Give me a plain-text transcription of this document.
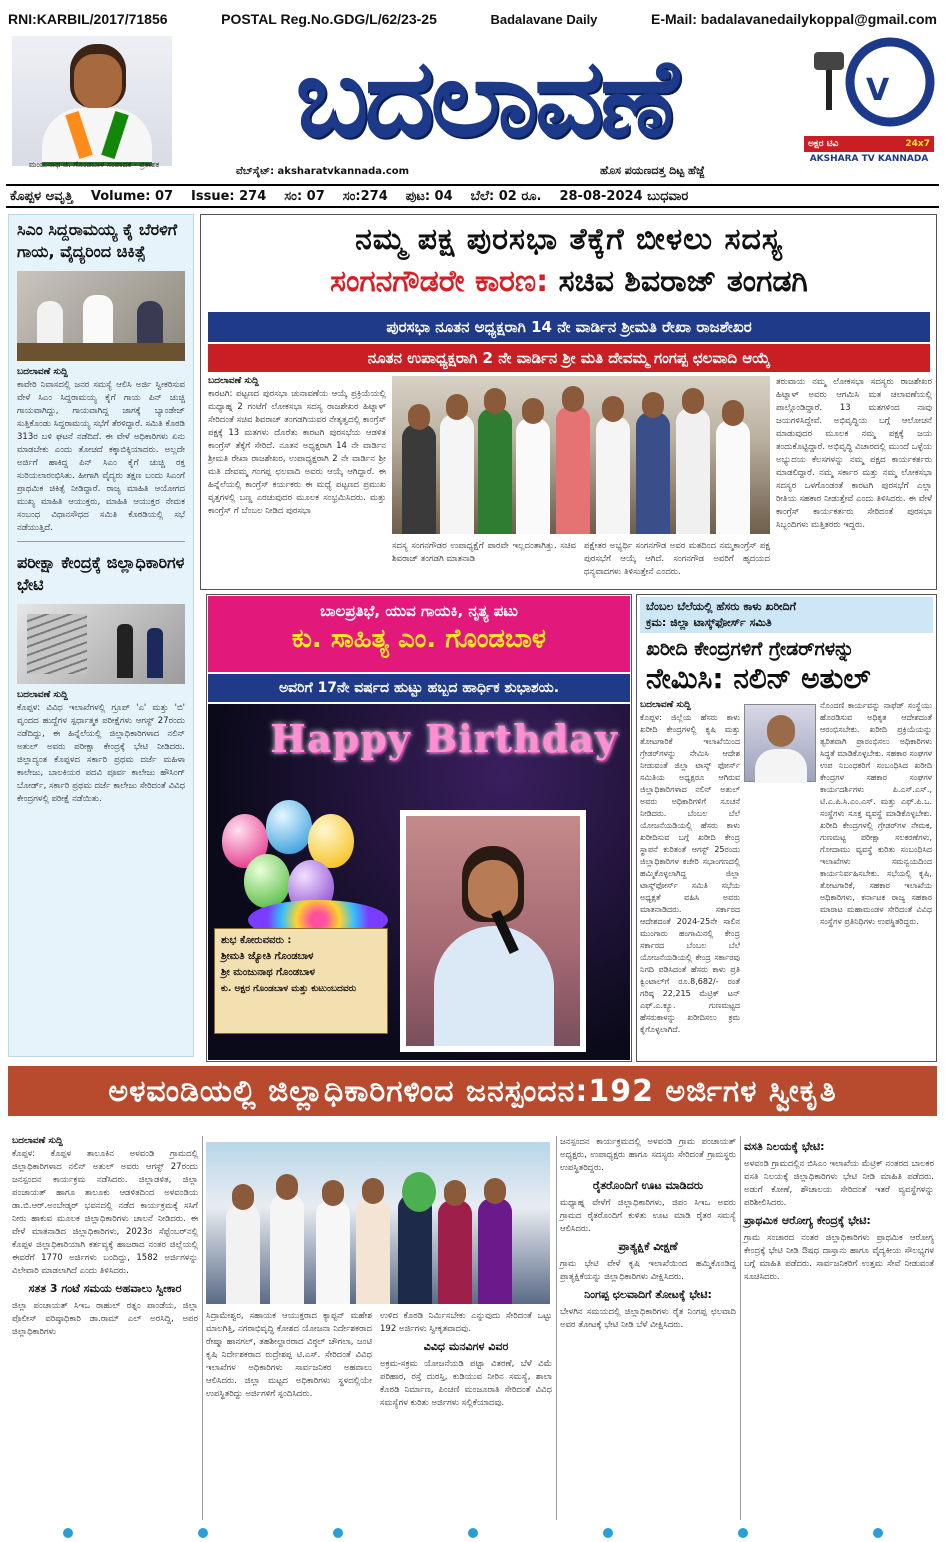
RNI:KARBIL/2017/71856	POSTAL Reg.No.GDG/L/62/23-25	Badalavane Daily	E-Mail: badalavanedailykoppal@gmail.com
ಮಂಜುನಾಥ ಜಿ. ಗೊಂಡಬಾಳ ಸಂಪಾದಕ - ಪ್ರಕಾಶಕ
ಬದಲಾವಣೆ
ವೆಬ್‌ಸೈಟ್: aksharatvkannada.com	ಹೊಸ ಪಯಣದತ್ತ ದಿಟ್ಟ ಹೆಜ್ಜೆ
V
ಅಕ್ಷರ ಟಿವಿ	24x7
AKSHARA TV KANNADA
ಕೊಪ್ಪಳ ಆವೃತ್ತಿ Volume: 07 Issue: 274 ಸಂ: 07 ಸಂ:274 ಪುಟ: 04 ಬೆಲೆ: 02 ರೂ. 28-08-2024 ಬುಧವಾರ
ಸಿಎಂ ಸಿದ್ದರಾಮಯ್ಯ ಕೈ ಬೆರಳಿಗೆ ಗಾಯ, ವೈದ್ಯರಿಂದ ಚಿಕಿತ್ಸೆ
ಬದಲಾವಣೆ ಸುದ್ದಿ
ಕಾವೇರಿ ನಿವಾಸದಲ್ಲಿ ಜನರ ಸಮಸ್ಯೆ ಆಲಿಸಿ ಅರ್ಜಿ ಸ್ವೀಕರಿಸುವ ವೇಳೆ ಸಿಎಂ ಸಿದ್ದರಾಮಯ್ಯ ಕೈಗೆ ಗಾಯ ಪಿನ್ ಚುಚ್ಚಿ ಗಾಯವಾಗಿದ್ದು, ಗಾಯವಾಗಿದ್ದ ಜಾಗಕ್ಕೆ ಬ್ಯಾಂಡೇಜ್ ಸುತ್ತಿಕೊಂಡು ಸಿದ್ದರಾಮಯ್ಯ ಸಭೆಗೆ ತೆರಳಿದ್ದಾರೆ. ಸಮಿತಿ ಕೊಠಡಿ 313ರ ಬಳಿ ಘಟನೆ ನಡೆದಿದೆ. ಈ ವೇಳೆ ಅಧಿಕಾರಿಗಳು ಏನು ಮಾಡಬೇಕು ಎಂದು ತೋಚದೆ ಕಕ್ಕಾಬಿಕ್ಕಿಯಾದರು. ಅಲ್ಲದೇ ಅರ್ಜಿಗೆ ಹಾಕಿದ್ದ ಪಿನ್ ಸಿಎಂ ಕೈಗೆ ಚುಚ್ಚಿ ರಕ್ತ ಸುರಿಯಲಾರಂಭಿಸಿತು. ಹೀಗಾಗಿ ವೈದ್ಯರು ತಕ್ಷಣ ಬಂದು ಸಿಎಂಗೆ ಪ್ರಾಥಮಿಕ ಚಿಕಿತ್ಸೆ ನೀಡಿದ್ದಾರೆ. ರಾಜ್ಯ ಮಾಹಿತಿ ಆಯೋಗದ ಮುಖ್ಯ ಮಾಹಿತಿ ಆಯುಕ್ತರು, ಮಾಹಿತಿ ಆಯುಕ್ತರ ನೇಮಕ ಸಂಬಂಧ ವಿಧಾನಸೌಧದ ಸಮಿತಿ ಕೊಠಡಿಯಲ್ಲಿ ಸಭೆ ನಡೆಯುತ್ತಿದೆ.
ಪರೀಕ್ಷಾ ಕೇಂದ್ರಕ್ಕೆ ಜಿಲ್ಲಾಧಿಕಾರಿಗಳ ಭೇಟಿ
ಬದಲಾವಣೆ ಸುದ್ದಿ
ಕೊಪ್ಪಳ: ವಿವಿಧ ಇಲಾಖೆಗಳಲ್ಲಿ ಗ್ರೂಪ್ 'ಎ' ಮತ್ತು 'ಬಿ' ವೃಂದದ ಹುದ್ದೆಗಳ ಸ್ಪರ್ಧಾತ್ಮಕ ಪರೀಕ್ಷೆಗಳು ಆಗಸ್ಟ್ 27ರಂದು ನಡೆದಿದ್ದು, ಈ ಹಿನ್ನೆಲೆಯಲ್ಲಿ ಜಿಲ್ಲಾಧಿಕಾರಿಗಳಾದ ನಲಿನ್ ಅತುಲ್ ಅವರು ಪರೀಕ್ಷಾ ಕೇಂದ್ರಕ್ಕೆ ಭೇಟಿ ನೀಡಿದರು. ಜಿಲ್ಲಾದ್ಯಂತ ಕೊಪ್ಪಳದ ಸರ್ಕಾರಿ ಪ್ರಥಮ ದರ್ಜೆ ಮಹಿಳಾ ಕಾಲೇಜು, ಬಾಲಕಿಯರ ಪದವಿ ಪೂರ್ವ ಕಾಲೇಜು ಹೌಸಿಂಗ್ ಬೋರ್ಡ್, ಸರ್ಕಾರಿ ಪ್ರಥಮ ದರ್ಜೆ ಕಾಲೇಜು ಸೇರಿದಂತೆ ವಿವಿಧ ಕೇಂದ್ರಗಳಲ್ಲಿ ಪರೀಕ್ಷೆ ನಡೆಯಿತು.
ನಮ್ಮ ಪಕ್ಷ ಪುರಸಭಾ ತೆಕ್ಕೆಗೆ ಬೀಳಲು ಸದಸ್ಯ
ಸಂಗನಗೌಡರೇ ಕಾರಣ: ಸಚಿವ ಶಿವರಾಜ್ ತಂಗಡಗಿ
ಪುರಸಭಾ ನೂತನ ಅಧ್ಯಕ್ಷರಾಗಿ 14 ನೇ ವಾರ್ಡಿನ ಶ್ರೀಮತಿ ರೇಖಾ ರಾಜಶೇಖರ
ನೂತನ ಉಪಾಧ್ಯಕ್ಷರಾಗಿ 2 ನೇ ವಾರ್ಡಿನ ಶ್ರೀ ಮತಿ ದೇವಮ್ಮ ಗಂಗಪ್ಪ ಛಲವಾದಿ ಆಯ್ಕೆ
ಬದಲಾವಣೆ ಸುದ್ದಿ
ಕಾರಟಗಿ: ಪಟ್ಟಣದ ಪುರಸಭಾ ಚುನಾವಣೆಯ ಆಯ್ಕೆ ಪ್ರಕ್ರಿಯೆಯಲ್ಲಿ ಮಧ್ಯಾಹ್ನ 2 ಗಂಟೆಗೆ ಲೋಕಸಭಾ ಸದಸ್ಯ ರಾಜಶೇಖರ ಹಿಟ್ನಾಳ್ ಸೇರಿದಂತೆ ಸಚಿವ ಶಿವರಾಜ್ ತಂಗಡಗಿಯವರ ನೇತೃತ್ವದಲ್ಲಿ ಕಾಂಗ್ರೆಸ್ ಪಕ್ಷಕ್ಕೆ 13 ಮತಗಳು ದೊರೆತು ಕಾರಟಗಿ ಪುರಸಭೆಯ ಆಡಳಿತ ಕಾಂಗ್ರೆಸ್ ತೆಕ್ಕೆಗೆ ಸೇರಿದೆ. ನೂತನ ಅಧ್ಯಕ್ಷರಾಗಿ 14 ನೇ ವಾರ್ಡಿನ ಶ್ರೀಮತಿ ರೇಖಾ ರಾಜಶೇಖರ, ಉಪಾಧ್ಯಕ್ಷರಾಗಿ 2 ನೇ ವಾರ್ಡಿನ ಶ್ರೀ ಮತಿ ದೇವಮ್ಮ ಗಂಗಪ್ಪ ಛಲವಾದಿ ಅವರು ಆಯ್ಕೆ ಆಗಿದ್ದಾರೆ. ಈ ಹಿನ್ನೆಲೆಯಲ್ಲಿ ಕಾಂಗ್ರೆಸ್ ಕರ್ಯಕರು ಈ ಮಧ್ಯೆ ಪಟ್ಟಣದ ಪ್ರಮುಖ ವೃತ್ತಗಳಲ್ಲಿ ಬಣ್ಣ ಎರಚುವುದರ ಮೂಲಕ ಸಂಭ್ರಮಿಸಿದರು. ಮತ್ತು ಕಾಂಗ್ರೆಸ್ ಗೆ ಬೆಂಬಲ ನೀಡಿದ ಪುರಸಭಾ
ಸದಸ್ಯ ಸಂಗನಗೌಡರ ಉಪಾಧ್ಯಕ್ಷೆಗೆ ಪಾರವೇ ಇಲ್ಲದಂತಾಗಿತ್ತು. ಸಚಿವ ಶಿವರಾಜ್ ತಂಗಡಗಿ ಮಾತನಾಡಿ
ಪಕ್ಷೇತರ ಅಭ್ಯರ್ಥಿ ಸಂಗನಗೌಡ ಅವರ ಮತದಿಂದ ನಮ್ಮಕಾಂಗ್ರೆಸ್ ಪಕ್ಷ ಪುರಸಭೆಗೆ ಆಯ್ಕೆ ಆಗಿದೆ. ಸಂಗನಗೌಡ ಅವರಿಗೆ ಹೃದಯದ ಧನ್ಯವಾದಗಳು ತಿಳಿಸುತ್ತೇನೆ ಎಂದರು.
ತರುವಾಯ ನಮ್ಮ ಲೋಕಸಭಾ ಸದಸ್ಯರು ರಾಜಶೇಖರ ಹಿಟ್ನಾಳ್ ಅವರು ಆಗಮಿಸಿ ಮತ ಚಲಾವಣೆಯಲ್ಲಿ ಪಾಲ್ಗೊಂಡಿದ್ದಾರೆ. 13 ಮತಗಳಿಂದ ನಾವು ಜಯಗಳಿಸಿದ್ದೇವೆ. ಅಭಿವೃದ್ಧಿಯ ಬಗ್ಗೆ ಆಲೋಚನೆ ಮಾಡುವುದರ ಮೂಲಕ ನಮ್ಮ ಪಕ್ಷಕ್ಕೆ ಜಯ ತಂದುಕೊಟ್ಟಿದ್ದಾರೆ. ಅಭಿವೃದ್ಧಿ ವಿಚಾರದಲ್ಲಿ ಮುಂದೆ ಒಳ್ಳೆಯ ಅಭ್ಯುದಯ ಕೆಲಸಗಳನ್ನು ನಮ್ಮ ಪಕ್ಷದ ಕಾರ್ಯಕರ್ತರು ಮಾಡಲಿದ್ದಾರೆ. ನಮ್ಮ ಸರ್ಕಾರ ಮತ್ತು ನಮ್ಮ ಲೋಕಸಭಾ ಸದಸ್ಯರ ಒಳಗೊಂಡಂತೆ ಕಾರಟಗಿ ಪುರಸಭೆಗೆ ಎಲ್ಲಾ ರೀತಿಯ ಸಹಕಾರ ನೀಡುತ್ತೇವೆ ಎಂದು ತಿಳಿಸಿದರು. ಈ ವೇಳೆ ಕಾಂಗ್ರೆಸ್ ಕಾರ್ಯಕರ್ತರು ಸೇರಿದಂತೆ ಪುರಸಭಾ ಸಿಬ್ಬಂದಿಗಳು ಮತ್ತಿತರರು ಇದ್ದರು.
ಬಾಲಪ್ರತಿಭೆ, ಯುವ ಗಾಯಕಿ, ನೃತ್ಯ ಪಟು
ಕು. ಸಾಹಿತ್ಯ ಎಂ. ಗೊಂಡಬಾಳ
ಅವರಿಗೆ 17ನೇ ವರ್ಷದ ಹುಟ್ಟು ಹಬ್ಬದ ಹಾರ್ಧಿಕ ಶುಭಾಶಯ.
Happy Birthday
ಶುಭ ಕೋರುವವರು :
ಶ್ರೀಮತಿ ಜ್ಯೋತಿ ಗೊಂಡಬಾಳ
ಶ್ರೀ ಮಂಜುನಾಥ ಗೊಂಡಬಾಳ
ಕು. ಅಕ್ಷರ ಗೊಂಡಬಾಳ ಮತ್ತು ಕುಟುಂಬದವರು
ಬೆಂಬಲ ಬೆಲೆಯಲ್ಲಿ ಹೆಸರು ಕಾಳು ಖರೀದಿಗೆ
ಕ್ರಮ: ಜಿಲ್ಲಾ ಟಾಸ್ಕ್‌ಫೋರ್ಸ್ ಸಮಿತಿ
ಖರೀದಿ ಕೇಂದ್ರಗಳಿಗೆ ಗ್ರೇಡರ್‌ಗಳನ್ನು
ನೇಮಿಸಿ: ನಲಿನ್ ಅತುಲ್
ಬದಲಾವಣೆ ಸುದ್ದಿ
ಕೊಪ್ಪಳ: ಜಿಲ್ಲೆಯ ಹೆಸರು ಕಾಳು ಖರೀದಿ ಕೇಂದ್ರಗಳಲ್ಲಿ ಕೃಷಿ ಮತ್ತು ತೋಟಗಾರಿಕೆ ಇಲಾಖೆಯಿಂದ ಗ್ರೇಡರ್‌ಗಳನ್ನು ನೇಮಿಸಿ ಆದೇಶ ನೀಡುವಂತೆ ಜಿಲ್ಲಾ ಟಾಸ್ಕ್ ಫೋರ್ಸ್ ಸಮಿತಿಯ ಅಧ್ಯಕ್ಷರೂ ಆಗಿರುವ ಜಿಲ್ಲಾಧಿಕಾರಿಗಳಾದ ನಲಿನ್ ಅತುಲ್ ಅವರು ಅಧಿಕಾರಿಗಳಿಗೆ ಸೂಚನೆ ನೀಡಿದರು. ಬೆಂಬಲ ಬೆಲೆ ಯೋಜನೆಯಡಿಯಲ್ಲಿ ಹೆಸರು ಕಾಳು ಖರೀದಿಸುವ ಬಗ್ಗೆ ಖರೀದಿ ಕೇಂದ್ರ ಸ್ಥಾಪನೆ ಕುರಿತಂತೆ ಆಗಸ್ಟ್ 25ರಂದು ಜಿಲ್ಲಾಧಿಕಾರಿಗಳ ಕಚೇರಿ ಸಭಾಂಗಣದಲ್ಲಿ ಹಮ್ಮಿಕೊಳ್ಳಲಾಗಿದ್ದ ಜಿಲ್ಲಾ ಟಾಸ್ಕ್‌ಫೋರ್ಸ್ ಸಮಿತಿ ಸಭೆಯ ಅಧ್ಯಕ್ಷತೆ ವಹಿಸಿ ಅವರು ಮಾತನಾಡಿದರು. ಸರ್ಕಾರದ ಆದೇಶದಂತೆ 2024-25ನೇ ಸಾಲಿನ ಮುಂಗಾರು ಹಂಗಾಮಿನಲ್ಲಿ ಕೇಂದ್ರ ಸರ್ಕಾರದ ಬೆಂಬಲ ಬೆಲೆ ಯೋಜನೆಯಡಿಯಲ್ಲಿ ಕೇಂದ್ರ ಸರ್ಕಾರವು ನಿಗದಿ ಪಡಿಸಿದಂತೆ ಹೆಸರು ಕಾಳು ಪ್ರತಿ ಕ್ವಿಂಟಾಲ್‌ಗೆ ರೂ.8,682/- ರಂತೆ ಗರಿಷ್ಠ 22,215 ಮೆಟ್ರಿಕ್ ಟನ್ ಎಫ್.ಎ.ಕ್ಯೂ. ಗುಣಮಟ್ಟದ ಹೆಸರುಕಾಳನ್ನು ಖರೀದಿಸಲು ಕ್ರಮ ಕೈಗೊಳ್ಳಲಾಗಿದೆ.
ನೊಂದಣಿ ಕಾರ್ಯವನ್ನು ನಾಫೆಡ್ ಸಂಸ್ಥೆಯು ಹೊರಡಿಸುವ ಅಧಿಕೃತ ಆದೇಶದಂತೆ ಆರಂಭಿಸಬೇಕು. ಖರೀದಿ ಪ್ರಕ್ರಿಯೆಯನ್ನು ತ್ವರಿತವಾಗಿ ಪ್ರಾರಂಭಿಸಲು ಅಧಿಕಾರಿಗಳು ಸಿದ್ಧತೆ ಮಾಡಿಕೊಳ್ಳಬೇಕು. ಸಹಕಾರ ಸಂಘಗಳ ಉಪ ನಿಬಂಧಕರಿಗೆ ಸಂಬಂಧಿಸಿದ ಖರೀದಿ ಕೇಂದ್ರಗಳ ಸಹಕಾರ ಸಂಘಗಳ ಕಾರ್ಯದರ್ಶಿಗಳು ಪಿ.ಎಸ್.ಎಸ್., ಟಿ.ಎ.ಪಿ.ಸಿ.ಎಂ.ಎಸ್. ಮತ್ತು ಎಫ್.ಪಿ.ಒ. ಸಂಸ್ಥೆಗಳು ಸೂಕ್ತ ವ್ಯವಸ್ಥೆ ಮಾಡಿಕೊಳ್ಳಬೇಕು. ಖರೀದಿ ಕೇಂದ್ರಗಳಲ್ಲಿ ಗ್ರೇಡರ್‌ಗಳ ನೇಮಕ, ಗುಣಮಟ್ಟ ಪರೀಕ್ಷಾ ಸಲಕರಣೆಗಳು, ಗೋದಾಮು ವ್ಯವಸ್ಥೆ ಕುರಿತು ಸಂಬಂಧಿಸಿದ ಇಲಾಖೆಗಳು ಸಮನ್ವಯದಿಂದ ಕಾರ್ಯನಿರ್ವಹಿಸಬೇಕು. ಸಭೆಯಲ್ಲಿ ಕೃಷಿ, ತೋಟಗಾರಿಕೆ, ಸಹಕಾರ ಇಲಾಖೆಯ ಅಧಿಕಾರಿಗಳು, ಕರ್ನಾಟಕ ರಾಜ್ಯ ಸಹಕಾರ ಮಾರಾಟ ಮಹಾಮಂಡಳ ಸೇರಿದಂತೆ ವಿವಿಧ ಸಂಸ್ಥೆಗಳ ಪ್ರತಿನಿಧಿಗಳು ಉಪಸ್ಥಿತರಿದ್ದರು.
ಅಳವಂಡಿಯಲ್ಲಿ ಜಿಲ್ಲಾಧಿಕಾರಿಗಳಿಂದ ಜನಸ್ಪಂದನ:192 ಅರ್ಜಿಗಳ ಸ್ವೀಕೃತಿ
ಬದಲಾವಣೆ ಸುದ್ದಿ
ಕೊಪ್ಪಳ: ಕೊಪ್ಪಳ ತಾಲೂಕಿನ ಅಳವಂಡಿ ಗ್ರಾಮದಲ್ಲಿ ಜಿಲ್ಲಾಧಿಕಾರಿಗಳಾದ ನಲಿನ್ ಅತುಲ್ ಅವರು ಆಗಸ್ಟ್ 27ರಂದು ಜನಸ್ಪಂದನ ಕಾರ್ಯಕ್ರಮ ನಡೆಸಿದರು. ಜಿಲ್ಲಾಡಳಿತ, ಜಿಲ್ಲಾ ಪಂಚಾಯತ್ ಹಾಗೂ ತಾಲೂಕು ಆಡಳಿತದಿಂದ ಅಳವಂಡಿಯ ಡಾ.ಬಿ.ಆರ್.ಅಂಬೇಡ್ಕರ್ ಭವನದಲ್ಲಿ ನಡೆದ ಕಾರ್ಯಕ್ರಮಕ್ಕೆ ಸಸಿಗೆ ನೀರು ಹಾಕುವ ಮೂಲಕ ಜಿಲ್ಲಾಧಿಕಾರಿಗಳು ಚಾಲನೆ ನೀಡಿದರು. ಈ ವೇಳೆ ಮಾತನಾಡಿದ ಜಿಲ್ಲಾಧಿಕಾರಿಗಳು, 2023ರ ಸೆಪ್ಟೆಂಬರ್‌ನಲ್ಲಿ ಕೊಪ್ಪಳ ಜಿಲ್ಲಾಧಿಕಾರಿಯಾಗಿ ಕರ್ತವ್ಯಕ್ಕೆ ಹಾಜರಾದ ನಂತರ ಜಿಲ್ಲೆಯಲ್ಲಿ ಈವರೆಗೆ 1770 ಅರ್ಜಿಗಳು ಬಂದಿದ್ದು, 1582 ಅರ್ಜಿಗಳನ್ನು ವಿಲೇವಾರಿ ಮಾಡಲಾಗಿದೆ ಎಂದು ತಿಳಿಸಿದರು.
ಸತತ 3 ಗಂಟೆ ಸಮಯ ಅಹವಾಲು ಸ್ವೀಕಾರ
ಜಿಲ್ಲಾ ಪಂಚಾಯತ್ ಸಿಇಒ ರಾಹುಲ್ ರತ್ನಂ ಪಾಂಡೆಯ, ಜಿಲ್ಲಾ ಪೊಲೀಸ್ ವರಿಷ್ಠಾಧಿಕಾರಿ ಡಾ.ರಾಮ್ ಎಲ್ ಅರಸಿದ್ದಿ, ಅಪರ ಜಿಲ್ಲಾಧಿಕಾರಿಗಳು
ಸಿದ್ರಾಮೇಶ್ವರ, ಸಹಾಯಕ ಆಯುಕ್ತರಾದ ಕ್ಯಾಪ್ಟನ್ ಮಹೇಶ ಮಾಲಗಿತ್ತಿ, ನಗರಾಭಿವೃದ್ಧಿ ಕೋಶದ ಯೋಜನಾ ನಿರ್ದೇಶಕರಾದ ರೇಷ್ಮಾ ಹಾನಗಲ್, ತಹಶೀಲ್ದಾರರಾದ ವಿಠ್ಠಲ್ ಚೌಗಲಾ, ಜಂಟಿ ಕೃಷಿ ನಿರ್ದೇಶಕರಾದ ರುದ್ರೇಶಪ್ಪ ಟಿ.ಎಸ್. ಸೇರಿದಂತೆ ವಿವಿಧ ಇಲಾಖೆಗಳ ಅಧಿಕಾರಿಗಳು ಸಾರ್ವಜನಿಕರ ಅಹವಾಲು ಆಲಿಸಿದರು. ಜಿಲ್ಲಾ ಮಟ್ಟದ ಅಧಿಕಾರಿಗಳು ಸ್ಥಳದಲ್ಲಿಯೇ ಉಪಸ್ಥಿತರಿದ್ದು ಅರ್ಜಿಗಳಿಗೆ ಸ್ಪಂದಿಸಿದರು.
ಉಳಿದ ಕೊಠಡಿ ನಿರ್ಮಿಸಬೇಕು ಎನ್ನುವುದು ಸೇರಿದಂತೆ ಒಟ್ಟು 192 ಅರ್ಜಿಗಳು ಸ್ವೀಕೃತವಾದವು.
ವಿವಿಧ ಮನವಿಗಳ ವಿವರ
ಅಕ್ರಮ-ಸಕ್ರಮ ಯೋಜನೆಯಡಿ ಪಟ್ಟಾ ವಿತರಣೆ, ಬೆಳೆ ವಿಮೆ ಪರಿಹಾರ, ರಸ್ತೆ ದುರಸ್ತಿ, ಕುಡಿಯುವ ನೀರಿನ ಸಮಸ್ಯೆ, ಶಾಲಾ ಕೊಠಡಿ ನಿರ್ಮಾಣ, ಪಿಂಚಣಿ ಮಂಜೂರಾತಿ ಸೇರಿದಂತೆ ವಿವಿಧ ಸಮಸ್ಯೆಗಳ ಕುರಿತು ಅರ್ಜಿಗಳು ಸಲ್ಲಿಕೆಯಾದವು.
ಜನಸ್ಪಂದನ ಕಾರ್ಯಕ್ರಮದಲ್ಲಿ ಅಳವಂಡಿ ಗ್ರಾಮ ಪಂಚಾಯತ್ ಅಧ್ಯಕ್ಷರು, ಉಪಾಧ್ಯಕ್ಷರು ಹಾಗೂ ಸದಸ್ಯರು ಸೇರಿದಂತೆ ಗ್ರಾಮಸ್ಥರು ಉಪಸ್ಥಿತರಿದ್ದರು.
ರೈತರೊಂದಿಗೆ ಊಟ ಮಾಡಿದರು
ಮಧ್ಯಾಹ್ನ ವೇಳೆಗೆ ಜಿಲ್ಲಾಧಿಕಾರಿಗಳು, ಜಿಪಂ ಸಿಇಒ ಅವರು ಗ್ರಾಮದ ರೈತರೊಂದಿಗೆ ಕುಳಿತು ಊಟ ಮಾಡಿ ರೈತರ ಸಮಸ್ಯೆ ಆಲಿಸಿದರು.
ಪ್ರಾತ್ಯಕ್ಷಿಕೆ ವೀಕ್ಷಣೆ
ಗ್ರಾಮ ಭೇಟಿ ವೇಳೆ ಕೃಷಿ ಇಲಾಖೆಯಿಂದ ಹಮ್ಮಿಕೊಂಡಿದ್ದ ಪ್ರಾತ್ಯಕ್ಷಿಕೆಯನ್ನು ಜಿಲ್ಲಾಧಿಕಾರಿಗಳು ವೀಕ್ಷಿಸಿದರು.
ನಿಂಗಪ್ಪ ಛಲವಾದಿಗೆ ತೋಟಕ್ಕೆ ಭೇಟಿ:
ಬೇಳಗಿನ ಸಮಯದಲ್ಲಿ ಜಿಲ್ಲಾಧಿಕಾರಿಗಳು ರೈತ ನಿಂಗಪ್ಪ ಛಲವಾದಿ ಅವರ ತೋಟಕ್ಕೆ ಭೇಟಿ ನೀಡಿ ಬೆಳೆ ವೀಕ್ಷಿಸಿದರು.
ವಸತಿ ನಿಲಯಕ್ಕೆ ಭೇಟಿ:
ಅಳವಂಡಿ ಗ್ರಾಮದಲ್ಲಿನ ಬಿಸಿಎಂ ಇಲಾಖೆಯ ಮೆಟ್ರಿಕ್ ನಂತರದ ಬಾಲಕರ ವಸತಿ ನಿಲಯಕ್ಕೆ ಜಿಲ್ಲಾಧಿಕಾರಿಗಳು ಭೇಟಿ ನೀಡಿ ಮಾಹಿತಿ ಪಡೆದರು. ಅಡುಗೆ ಕೋಣೆ, ಶೌಚಾಲಯ ಸೇರಿದಂತೆ ಇತರೆ ವ್ಯವಸ್ಥೆಗಳನ್ನು ಪರಿಶೀಲಿಸಿದರು.
ಪ್ರಾಥಮಿಕ ಆರೋಗ್ಯ ಕೇಂದ್ರಕ್ಕೆ ಭೇಟಿ:
ಗ್ರಾಮ ಸಂಚಾರದ ನಂತರ ಜಿಲ್ಲಾಧಿಕಾರಿಗಳು ಪ್ರಾಥಮಿಕ ಆರೋಗ್ಯ ಕೇಂದ್ರಕ್ಕೆ ಭೇಟಿ ನೀಡಿ ಔಷಧ ದಾಸ್ತಾನು ಹಾಗೂ ವೈದ್ಯಕೀಯ ಸೌಲಭ್ಯಗಳ ಬಗ್ಗೆ ಮಾಹಿತಿ ಪಡೆದರು. ಸಾರ್ವಜನಿಕರಿಗೆ ಉತ್ತಮ ಸೇವೆ ನೀಡುವಂತೆ ಸೂಚಿಸಿದರು.
